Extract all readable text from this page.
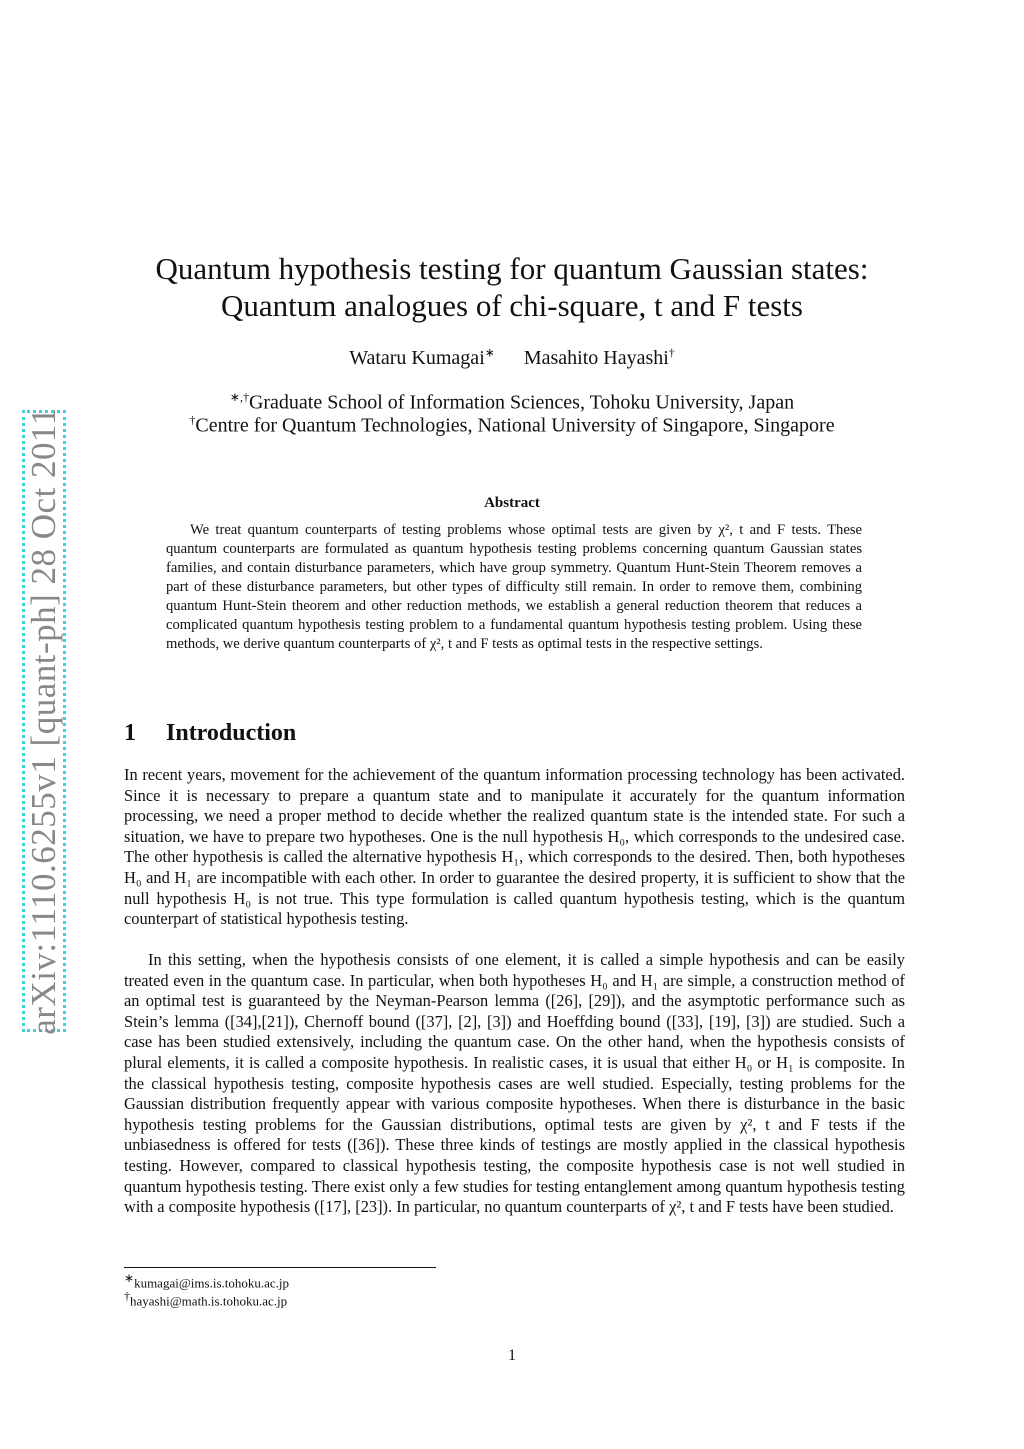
arXiv:1110.6255v1 [quant-ph] 28 Oct 2011
Quantum hypothesis testing for quantum Gaussian states:
Quantum analogues of chi-square, t and F tests
Wataru Kumagai∗ Masahito Hayashi†
∗,†Graduate School of Information Sciences, Tohoku University, Japan
†Centre for Quantum Technologies, National University of Singapore, Singapore
Abstract

We treat quantum counterparts of testing problems whose optimal tests are given by χ², t and F tests. These quantum counterparts are formulated as quantum hypothesis testing problems concerning quantum Gaussian states families, and contain disturbance parameters, which have group symmetry. Quantum Hunt-Stein Theorem removes a part of these disturbance parameters, but other types of difficulty still remain. In order to remove them, combining quantum Hunt-Stein theorem and other reduction methods, we establish a general reduction theorem that reduces a complicated quantum hypothesis testing problem to a fundamental quantum hypothesis testing problem. Using these methods, we derive quantum counterparts of χ², t and F tests as optimal tests in the respective settings.

1 Introduction

In recent years, movement for the achievement of the quantum information processing technology has been activated. Since it is necessary to prepare a quantum state and to manipulate it accurately for the quantum information processing, we need a proper method to decide whether the realized quantum state is the intended state. For such a situation, we have to prepare two hypotheses. One is the null hypothesis H₀, which corresponds to the undesired case. The other hypothesis is called the alternative hypothesis H₁, which corresponds to the desired. Then, both hypotheses H₀ and H₁ are incompatible with each other. In order to guarantee the desired property, it is sufficient to show that the null hypothesis H₀ is not true. This type formulation is called quantum hypothesis testing, which is the quantum counterpart of statistical hypothesis testing.

In this setting, when the hypothesis consists of one element, it is called a simple hypothesis and can be easily treated even in the quantum case. In particular, when both hypotheses H₀ and H₁ are simple, a construction method of an optimal test is guaranteed by the Neyman-Pearson lemma ([26], [29]), and the asymptotic performance such as Stein’s lemma ([34],[21]), Chernoff bound ([37], [2], [3]) and Hoeffding bound ([33], [19], [3]) are studied. Such a case has been studied extensively, including the quantum case. On the other hand, when the hypothesis consists of plural elements, it is called a composite hypothesis. In realistic cases, it is usual that either H₀ or H₁ is composite. In the classical hypothesis testing, composite hypothesis cases are well studied. Especially, testing problems for the Gaussian distribution frequently appear with various composite hypotheses. When there is disturbance in the basic hypothesis testing problems for the Gaussian distributions, optimal tests are given by χ², t and F tests if the unbiasedness is offered for tests ([36]). These three kinds of testings are mostly applied in the classical hypothesis testing. However, compared to classical hypothesis testing, the composite hypothesis case is not well studied in quantum hypothesis testing. There exist only a few studies for testing entanglement among quantum hypothesis testing with a composite hypothesis ([17], [23]). In particular, no quantum counterparts of χ², t and F tests have been studied.

∗kumagai@ims.is.tohoku.ac.jp
†hayashi@math.is.tohoku.ac.jp
1
